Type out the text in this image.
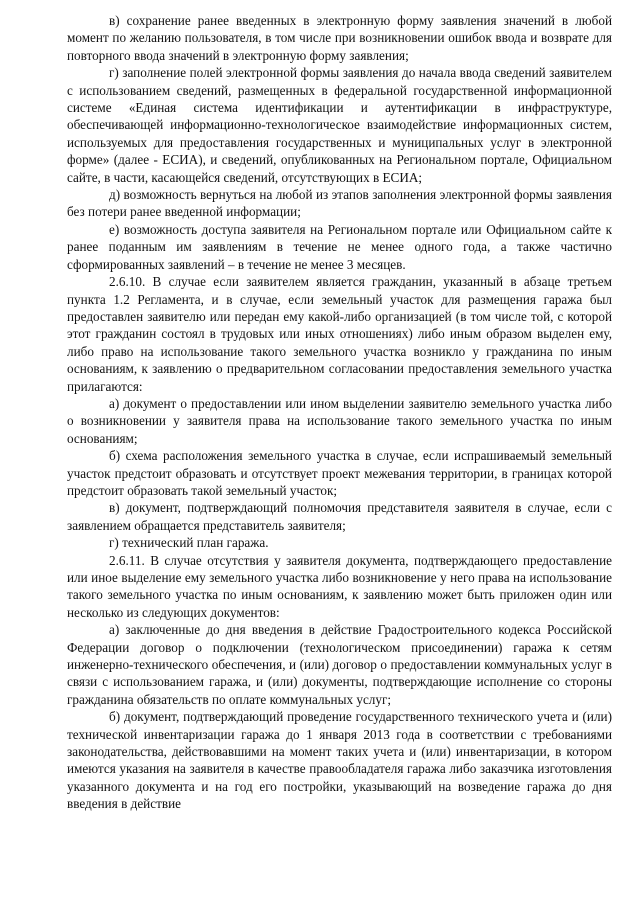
в) сохранение ранее введенных в электронную форму заявления значений в любой момент по желанию пользователя, в том числе при возникновении ошибок ввода и возврате для повторного ввода значений в электронную форму заявления;

г) заполнение полей электронной формы заявления до начала ввода сведений заявителем с использованием сведений, размещенных в федеральной государственной информационной системе «Единая система идентификации и аутентификации в инфраструктуре, обеспечивающей информационно-технологическое взаимодействие информационных систем, используемых для предоставления государственных и муниципальных услуг в электронной форме» (далее - ЕСИА), и сведений, опубликованных на Региональном портале, Официальном сайте, в части, касающейся сведений, отсутствующих в ЕСИА;

д) возможность вернуться на любой из этапов заполнения электронной формы заявления без потери ранее введенной информации;

е) возможность доступа заявителя на Региональном портале или Официальном сайте к ранее поданным им заявлениям в течение не менее одного года, а также частично сформированных заявлений – в течение не менее 3 месяцев.

2.6.10. В случае если заявителем является гражданин, указанный в абзаце третьем пункта 1.2 Регламента, и в случае, если земельный участок для размещения гаража был предоставлен заявителю или передан ему какой-либо организацией (в том числе той, с которой этот гражданин состоял в трудовых или иных отношениях) либо иным образом выделен ему, либо право на использование такого земельного участка возникло у гражданина по иным основаниям, к заявлению о предварительном согласовании предоставления земельного участка прилагаются:

а) документ о предоставлении или ином выделении заявителю земельного участка либо о возникновении у заявителя права на использование такого земельного участка по иным основаниям;

б) схема расположения земельного участка в случае, если испрашиваемый земельный участок предстоит образовать и отсутствует проект межевания территории, в границах которой предстоит образовать такой земельный участок;

в) документ, подтверждающий полномочия представителя заявителя в случае, если с заявлением обращается представитель заявителя;

г) технический план гаража.

2.6.11. В случае отсутствия у заявителя документа, подтверждающего предоставление или иное выделение ему земельного участка либо возникновение у него права на использование такого земельного участка по иным основаниям, к заявлению может быть приложен один или несколько из следующих документов:

а) заключенные до дня введения в действие Градостроительного кодекса Российской Федерации договор о подключении (технологическом присоединении) гаража к сетям инженерно-технического обеспечения, и (или) договор о предоставлении коммунальных услуг в связи с использованием гаража, и (или) документы, подтверждающие исполнение со стороны гражданина обязательств по оплате коммунальных услуг;

б) документ, подтверждающий проведение государственного технического учета и (или) технической инвентаризации гаража до 1 января 2013 года в соответствии с требованиями законодательства, действовавшими на момент таких учета и (или) инвентаризации, в котором имеются указания на заявителя в качестве правообладателя гаража либо заказчика изготовления указанного документа и на год его постройки, указывающий на возведение гаража до дня введения в действие
